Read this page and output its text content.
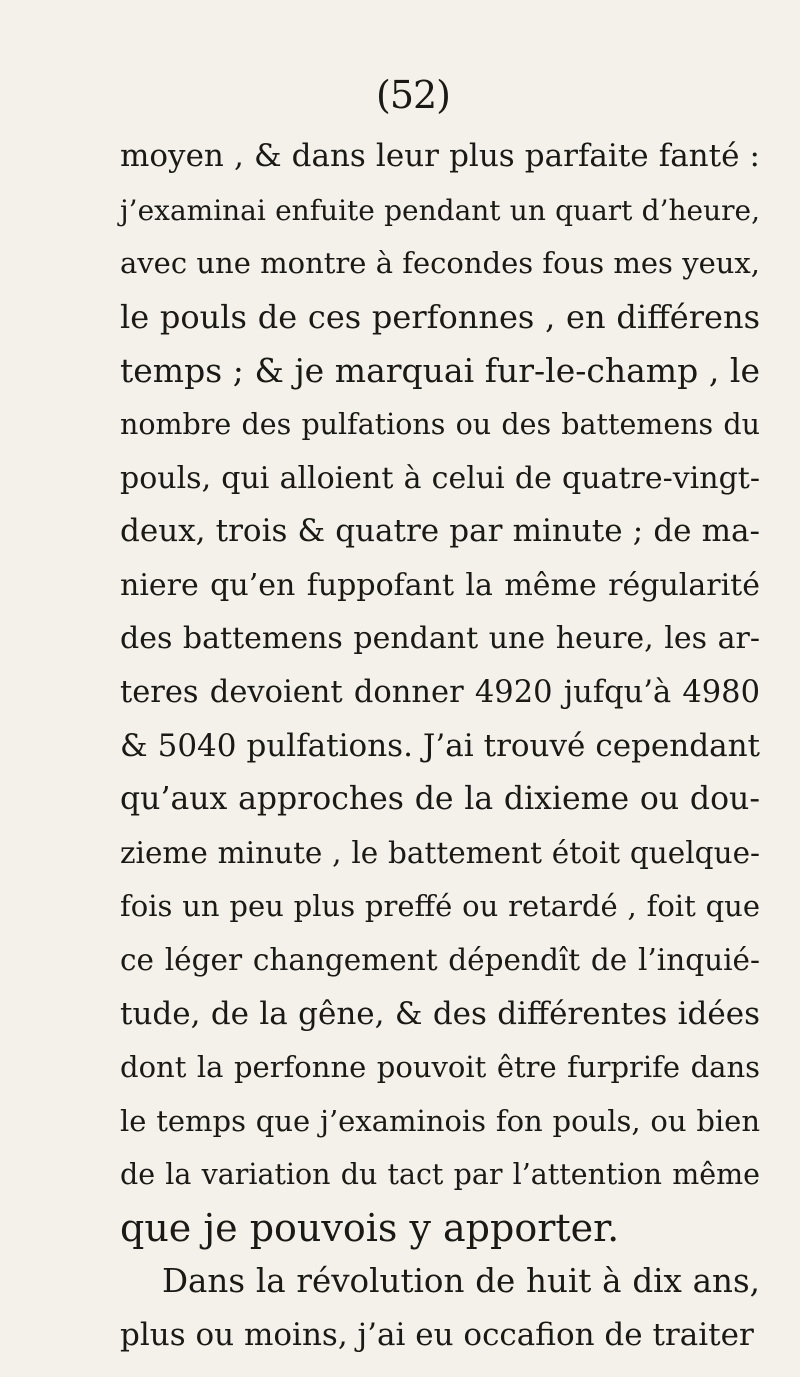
(52)
moyen , & dans leur plus parfaite fanté :
j’examinai enfuite pendant un quart d’heure,
avec une montre à fecondes fous mes yeux,
le pouls de ces perfonnes , en différens
temps ; & je marquai fur-le-champ , le
nombre des pulfations ou des battemens du
pouls, qui alloient à celui de quatre-vingt-
deux, trois & quatre par minute ; de ma-
niere qu’en fuppofant la même régularité
des battemens pendant une heure, les ar-
teres devoient donner 4920 jufqu’à 4980
& 5040 pulfations. J’ai trouvé cependant
qu’aux approches de la dixieme ou dou-
zieme minute , le battement étoit quelque-
fois un peu plus preffé ou retardé , foit que
ce léger changement dépendît de l’inquié-
tude, de la gêne, & des différentes idées
dont la perfonne pouvoit être furprife dans
le temps que j’examinois fon pouls, ou bien
de la variation du tact par l’attention même
que je pouvois y apporter.
Dans la révolution de huit à dix ans,
plus ou moins, j’ai eu occafion de traiter
